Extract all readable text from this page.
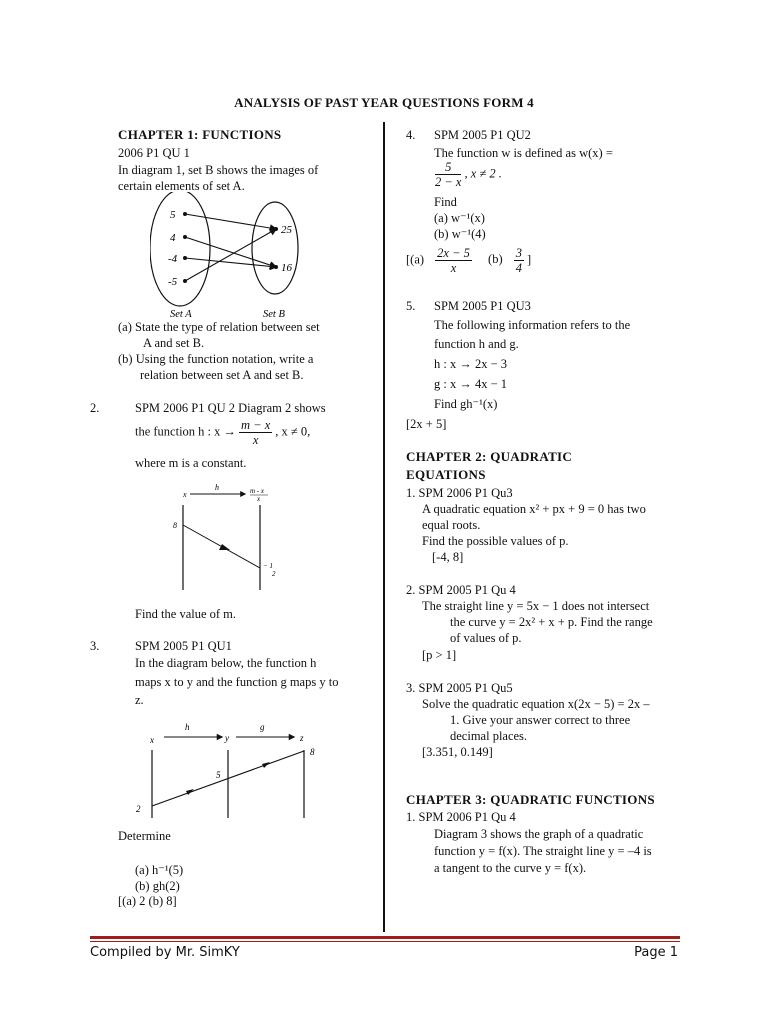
ANALYSIS OF PAST YEAR QUESTIONS FORM 4
CHAPTER 1: FUNCTIONS
2006 P1 QU 1
In diagram 1, set B shows the images of
certain elements of set A.
5
4
-4
-5
25
16
Set A	Set B
(a) State the type of relation between set
A and set B.
(b) Using the function notation, write a
relation between set A and set B.
2.	SPM 2006 P1 QU 2 Diagram 2 shows
the function h : $x \to \frac{m - x}{x}$ , x ≠ 0,
where m is a constant.
x
h	m - x
x
8
− 1
2
Find the value of m.
3.	SPM 2005 P1 QU1
In the diagram below, the function h
maps x to y and the function g maps y to
z.
x
h
y
g
z
2
5
8
Determine
(a) h⁻¹(5)
(b) gh(2)
[(a) 2 (b) 8]
4. SPM 2005 P1 QU2
The function w is defined as w(x) =
$\frac{5}{2 - x}$ , x ≠ 2 .
Find
(a) w⁻¹(x)
(b) w⁻¹(4)
[$(a) \frac{2x - 5}{x} (b) \frac{3}{4}$ ]
5. SPM 2005 P1 QU3
The following information refers to the
function h and g.
h : x → 2x − 3
g : x → 4x − 1
Find gh⁻¹(x)
[2x + 5]
CHAPTER 2: QUADRATIC
EQUATIONS
1. SPM 2006 P1 Qu3
A quadratic equation x² + px + 9 = 0 has two
equal roots.
Find the possible values of p.
[-4, 8]
2. SPM 2005 P1 Qu 4
The straight line y = 5x − 1 does not intersect
the curve y = 2x² + x + p. Find the range
of values of p.
[p > 1]
3. SPM 2005 P1 Qu5
Solve the quadratic equation x(2x − 5) = 2x –
1. Give your answer correct to three
decimal places.
[3.351, 0.149]
CHAPTER 3: QUADRATIC FUNCTIONS
1. SPM 2006 P1 Qu 4
Diagram 3 shows the graph of a quadratic
function y = f(x). The straight line y = –4 is
a tangent to the curve y = f(x).
Compiled by Mr. SimKY	Page 1
